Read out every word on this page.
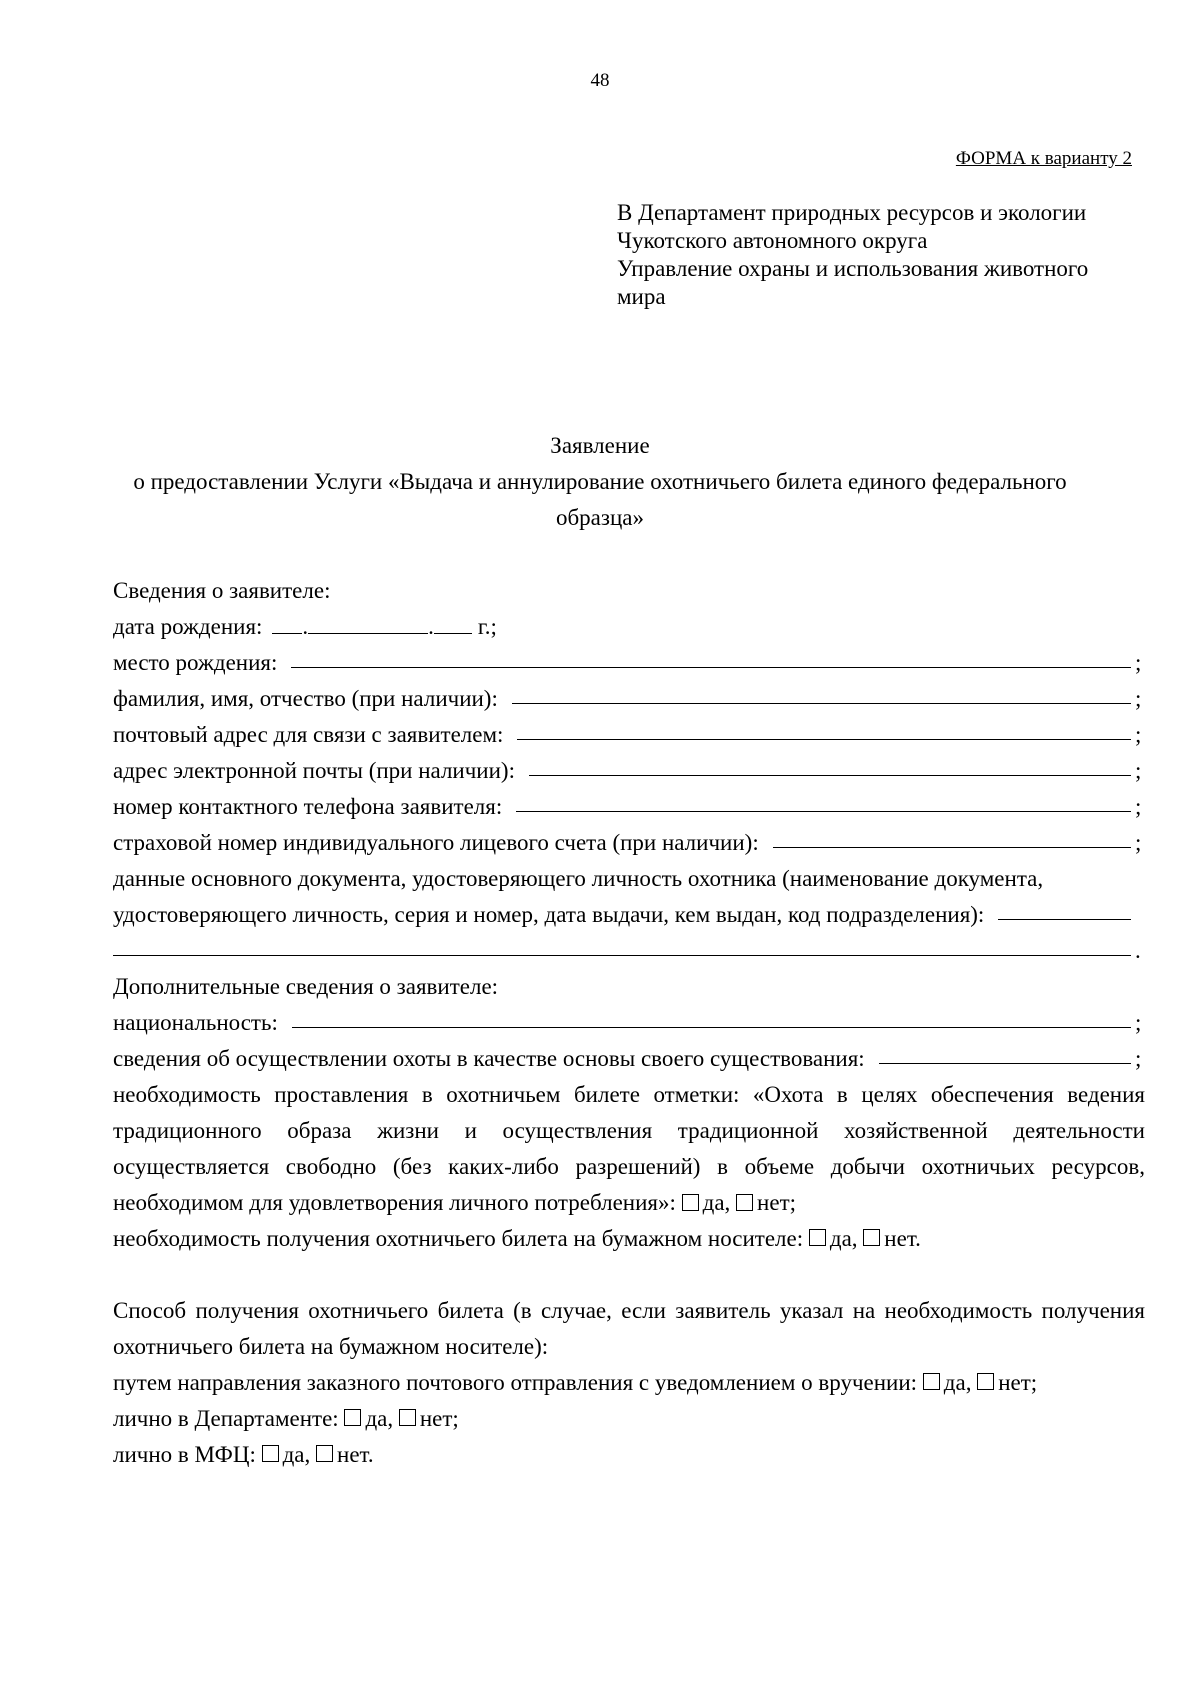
48
ФОРМА к варианту 2
В Департамент природных ресурсов и экологии
Чукотского автономного округа
Управление охраны и использования животного
мира
Заявление
о предоставлении Услуги «Выдача и аннулирование охотничьего билета единого федерального
образца»
Сведения о заявителе:
дата рождения: .	. г.;
место рождения:	;
фамилия, имя, отчество (при наличии):	;
почтовый адрес для связи с заявителем:	;
адрес электронной почты (при наличии):	;
номер контактного телефона заявителя:	;
страховой номер индивидуального лицевого счета (при наличии):	;
данные основного документа, удостоверяющего личность охотника (наименование документа,
удостоверяющего личность, серия и номер, дата выдачи, кем выдан, код подразделения):
.
Дополнительные сведения о заявителе:
национальность:	;
сведения об осуществлении охоты в качестве основы своего существования:	;
необходимость проставления в охотничьем билете отметки: «Охота в целях обеспечения ведения традиционного образа жизни и осуществления традиционной хозяйственной деятельности осуществляется свободно (без каких-либо разрешений) в объеме добычи охотничьих ресурсов, необходимом для удовлетворения личного потребления»: да, нет;
необходимость получения охотничьего билета на бумажном носителе:
да,
нет.
Способ получения охотничьего билета (в случае, если заявитель указал на необходимость получения охотничьего билета на бумажном носителе):
путем направления заказного почтового отправления с уведомлением о вручении:
да,
нет;
лично в Департаменте:
да,
нет;
лично в МФЦ:
да,
нет.
